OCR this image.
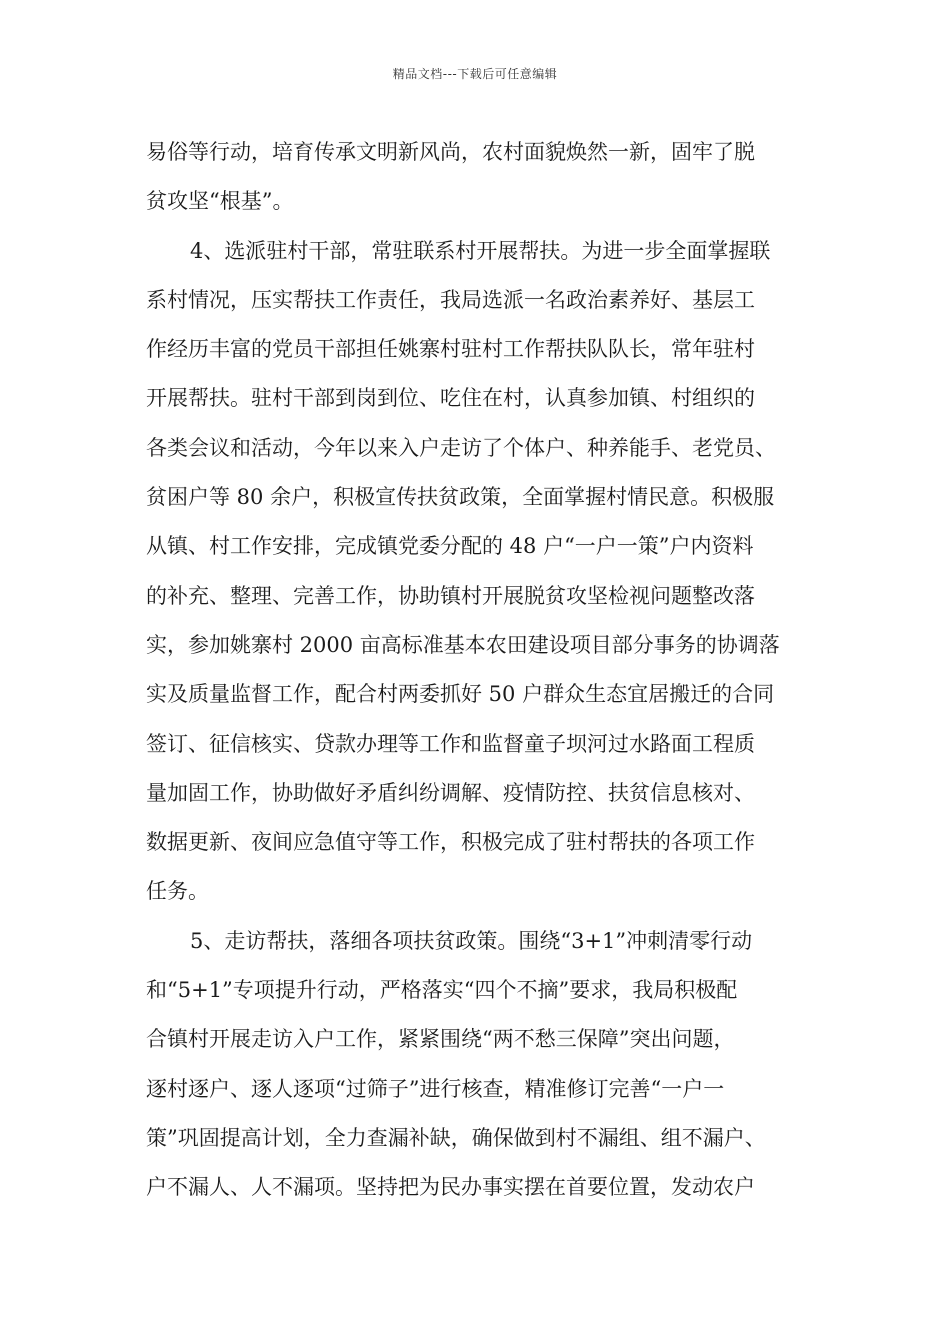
精品文档---下载后可任意编辑
易俗等行动，培育传承文明新风尚，农村面貌焕然一新，固牢了脱
贫攻坚“根基”。
4、选派驻村干部，常驻联系村开展帮扶。为进一步全面掌握联
系村情况，压实帮扶工作责任，我局选派一名政治素养好、基层工
作经历丰富的党员干部担任姚寨村驻村工作帮扶队队长，常年驻村
开展帮扶。驻村干部到岗到位、吃住在村，认真参加镇、村组织的
各类会议和活动，今年以来入户走访了个体户、种养能手、老党员、
贫困户等 80 余户，积极宣传扶贫政策，全面掌握村情民意。积极服
从镇、村工作安排，完成镇党委分配的 48 户“一户一策”户内资料
的补充、整理、完善工作，协助镇村开展脱贫攻坚检视问题整改落
实，参加姚寨村 2000 亩高标准基本农田建设项目部分事务的协调落
实及质量监督工作，配合村两委抓好 50 户群众生态宜居搬迁的合同
签订、征信核实、贷款办理等工作和监督童子坝河过水路面工程质
量加固工作，协助做好矛盾纠纷调解、疫情防控、扶贫信息核对、
数据更新、夜间应急值守等工作，积极完成了驻村帮扶的各项工作
任务。
5、走访帮扶，落细各项扶贫政策。围绕“3+1”冲刺清零行动
和“5+1”专项提升行动，严格落实“四个不摘”要求，我局积极配
合镇村开展走访入户工作，紧紧围绕“两不愁三保障”突出问题，
逐村逐户、逐人逐项“过筛子”进行核查，精准修订完善“一户一
策”巩固提高计划，全力查漏补缺，确保做到村不漏组、组不漏户、
户不漏人、人不漏项。坚持把为民办事实摆在首要位置，发动农户
